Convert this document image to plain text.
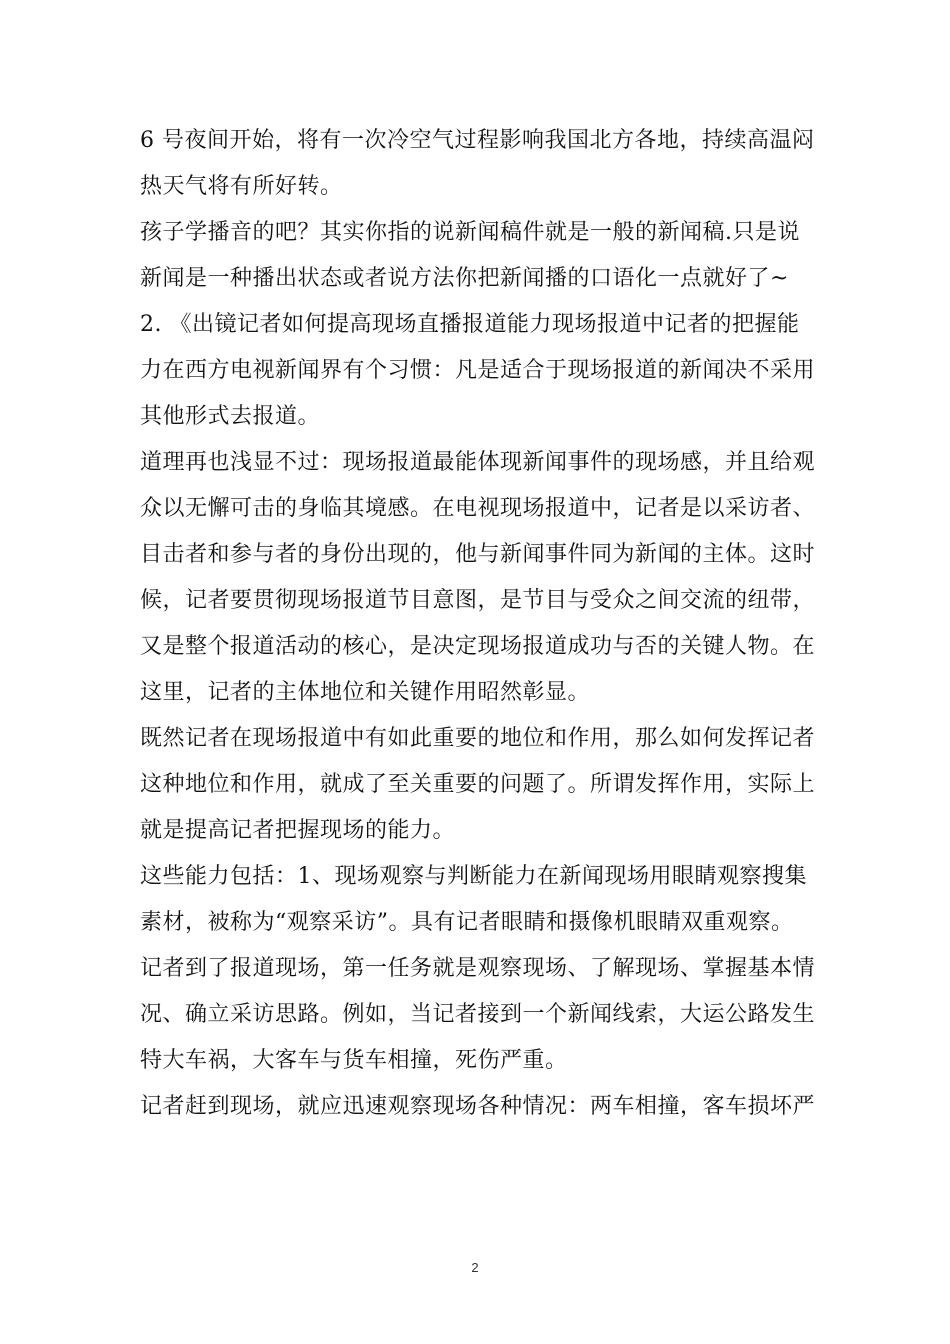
6 号夜间开始，将有一次冷空气过程影响我国北方各地，持续高温闷
热天气将有所好转。
孩子学播音的吧？其实你指的说新闻稿件就是一般的新闻稿.只是说
新闻是一种播出状态或者说方法你把新闻播的口语化一点就好了~
2. 《出镜记者如何提高现场直播报道能力现场报道中记者的把握能
力在西方电视新闻界有个习惯：凡是适合于现场报道的新闻决不采用
其他形式去报道。
道理再也浅显不过：现场报道最能体现新闻事件的现场感，并且给观
众以无懈可击的身临其境感。在电视现场报道中，记者是以采访者、
目击者和参与者的身份出现的，他与新闻事件同为新闻的主体。这时
候，记者要贯彻现场报道节目意图，是节目与受众之间交流的纽带，
又是整个报道活动的核心，是决定现场报道成功与否的关键人物。在
这里，记者的主体地位和关键作用昭然彰显。
既然记者在现场报道中有如此重要的地位和作用，那么如何发挥记者
这种地位和作用，就成了至关重要的问题了。所谓发挥作用，实际上
就是提高记者把握现场的能力。
这些能力包括：1、现场观察与判断能力在新闻现场用眼睛观察搜集
素材，被称为“观察采访”。具有记者眼睛和摄像机眼睛双重观察。
记者到了报道现场，第一任务就是观察现场、了解现场、掌握基本情
况、确立采访思路。例如，当记者接到一个新闻线索，大运公路发生
特大车祸，大客车与货车相撞，死伤严重。
记者赶到现场，就应迅速观察现场各种情况：两车相撞，客车损坏严
2
